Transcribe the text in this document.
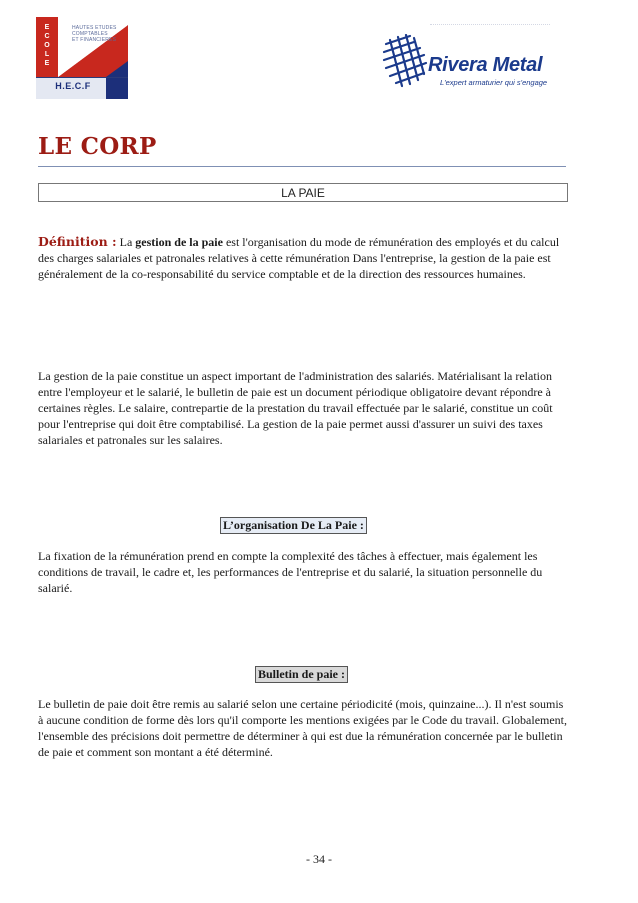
E
C
O
L
E
HAUTES ETUDES
COMPTABLES
ET FINANCIERES
H.E.C.F
Rivera Metal
L'expert armaturier qui s'engage
LE CORP
LA PAIE

Définition : La gestion de la paie est l'organisation du mode de rémunération des employés et du calcul des charges salariales et patronales relatives à cette rémunération Dans l'entreprise, la gestion de la paie est généralement de la co-responsabilité du service comptable et de la direction des ressources humaines.

La gestion de la paie constitue un aspect important de l'administration des salariés. Matérialisant la relation entre l'employeur et le salarié, le bulletin de paie est un document périodique obligatoire devant répondre à certaines règles. Le salaire, contrepartie de la prestation du travail effectuée par le salarié, constitue un coût pour l'entreprise qui doit être comptabilisé. La gestion de la paie permet aussi d'assurer un suivi des taxes salariales et patronales sur les salaires.

L’organisation De La Paie :

La fixation de la rémunération prend en compte la complexité des tâches à effectuer, mais également les conditions de travail, le cadre et, les performances de l'entreprise et du salarié, la situation personnelle du salarié.

Bulletin de paie :

Le bulletin de paie doit être remis au salarié selon une certaine périodicité (mois, quinzaine...). Il n'est soumis à aucune condition de forme dès lors qu'il comporte les mentions exigées par le Code du travail. Globalement, l'ensemble des précisions doit permettre de déterminer à qui est due la rémunération concernée par le bulletin de paie et comment son montant a été déterminé.

- 34 -
